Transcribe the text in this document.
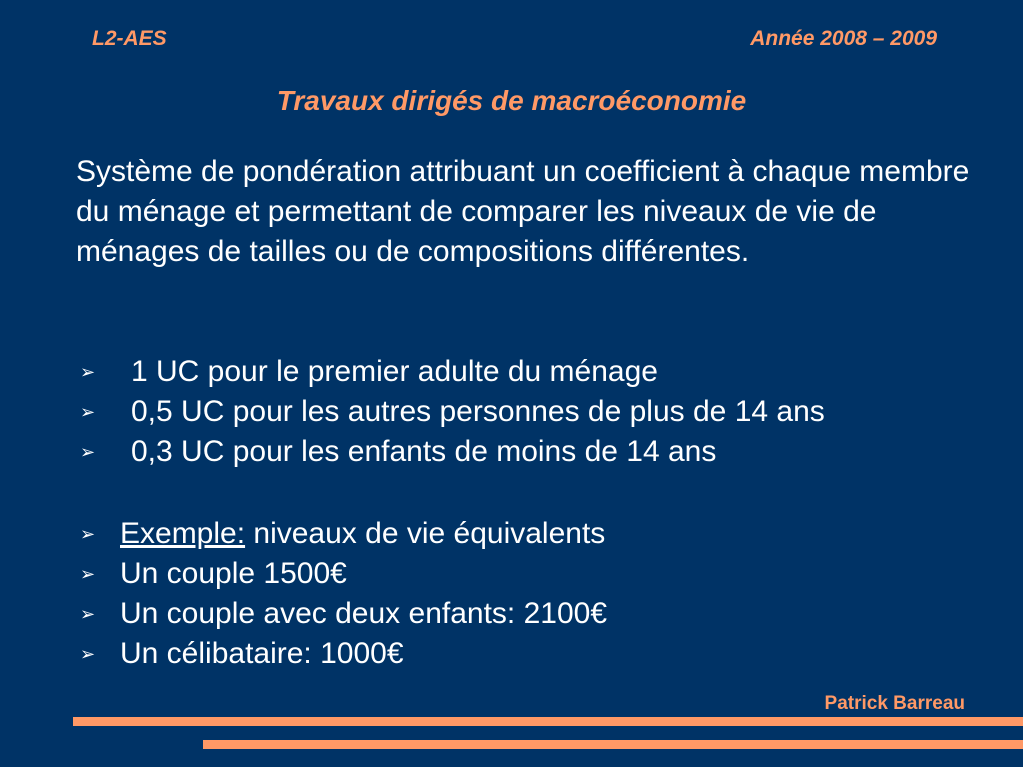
L2-AES	Année 2008 – 2009
Travaux dirigés de macroéconomie

Système de pondération attribuant un coefficient à chaque membre du ménage et permettant de comparer les niveaux de vie de ménages de tailles ou de compositions différentes.

➢ 1 UC pour le premier adulte du ménage
➢ 0,5 UC pour les autres personnes de plus de 14 ans
➢ 0,3 UC pour les enfants de moins de 14 ans
➢ Exemple: niveaux de vie équivalents
➢ Un couple 1500€
➢ Un couple avec deux enfants: 2100€
➢ Un célibataire: 1000€
Patrick Barreau
